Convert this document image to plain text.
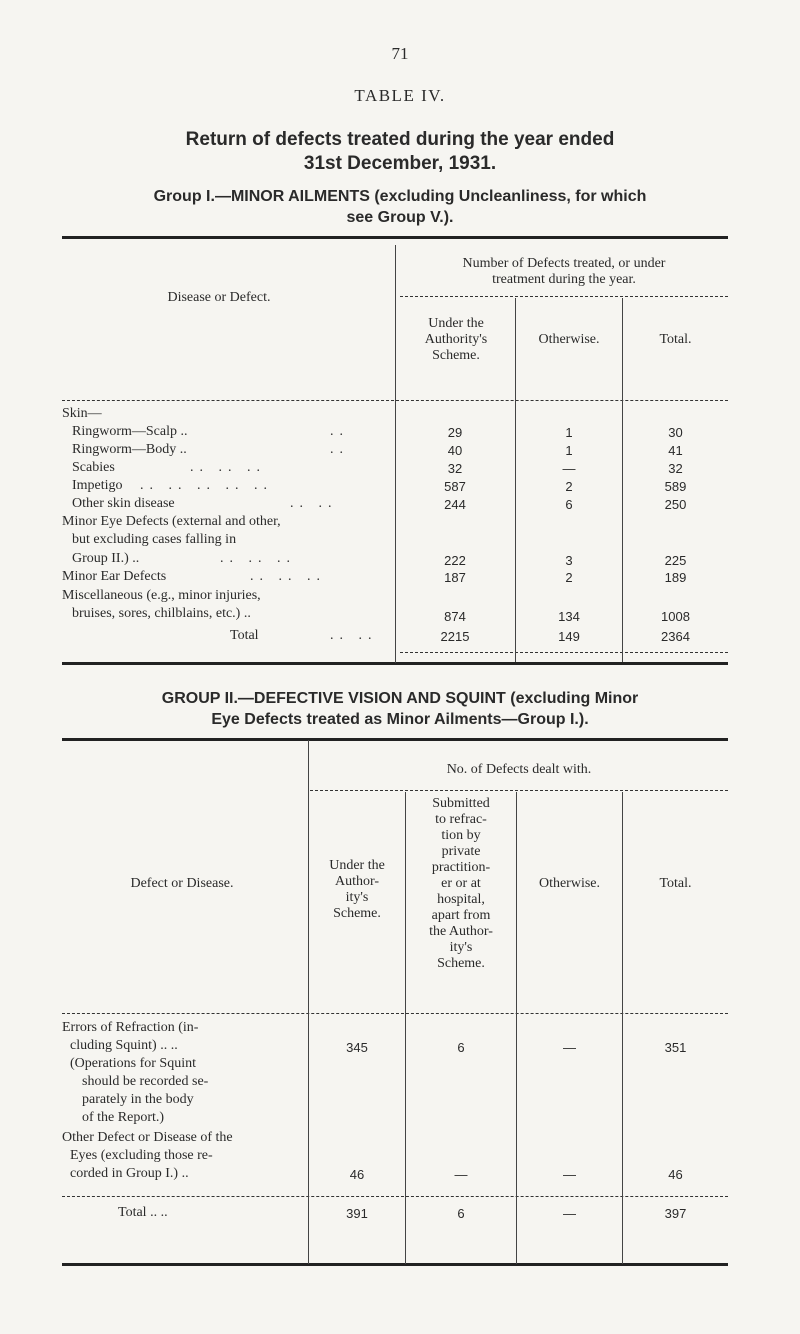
71
TABLE IV.
Return of defects treated during the year ended
31st December, 1931.
Group I.—MINOR AILMENTS (excluding Uncleanliness, for which
see Group V.).
Disease or Defect.
Number of Defects treated, or under
treatment during the year.
Under the
Authority's
Scheme.
Otherwise.	Total.
Skin—
Ringworm—Scalp ..	..	29	1	30
Ringworm—Body ..	..	40	1	41
Scabies	.. .. ..	32	—	32
Impetigo .. .. .. .. ..	587	2	589
Other skin disease	.. ..	244	6	250
Minor Eye Defects (external and other,
but excluding cases falling in
Group II.) ..	.. .. ..	222	3	225
Minor Ear Defects	.. .. ..	187	2	189
Miscellaneous (e.g., minor injuries,
bruises, sores, chilblains, etc.) ..	874	134	1008
Total	.. ..	2215	149	2364
GROUP II.—DEFECTIVE VISION AND SQUINT (excluding Minor
Eye Defects treated as Minor Ailments—Group I.).
Defect or Disease.
No. of Defects dealt with.
Under the
Author-
ity's
Scheme.
Submitted
to refrac-
tion by
private
practition-
er or at
hospital,
apart from
the Author-
ity's
Scheme.
Otherwise.	Total.
Errors of Refraction (in-
cluding Squint) .. ..
(Operations for Squint
should be recorded se-
parately in the body
of the Report.)
345	6	—	351
Other Defect or Disease of the
Eyes (excluding those re-
corded in Group I.) ..	46	—	—	46
Total .. ..	391	6	—	397
